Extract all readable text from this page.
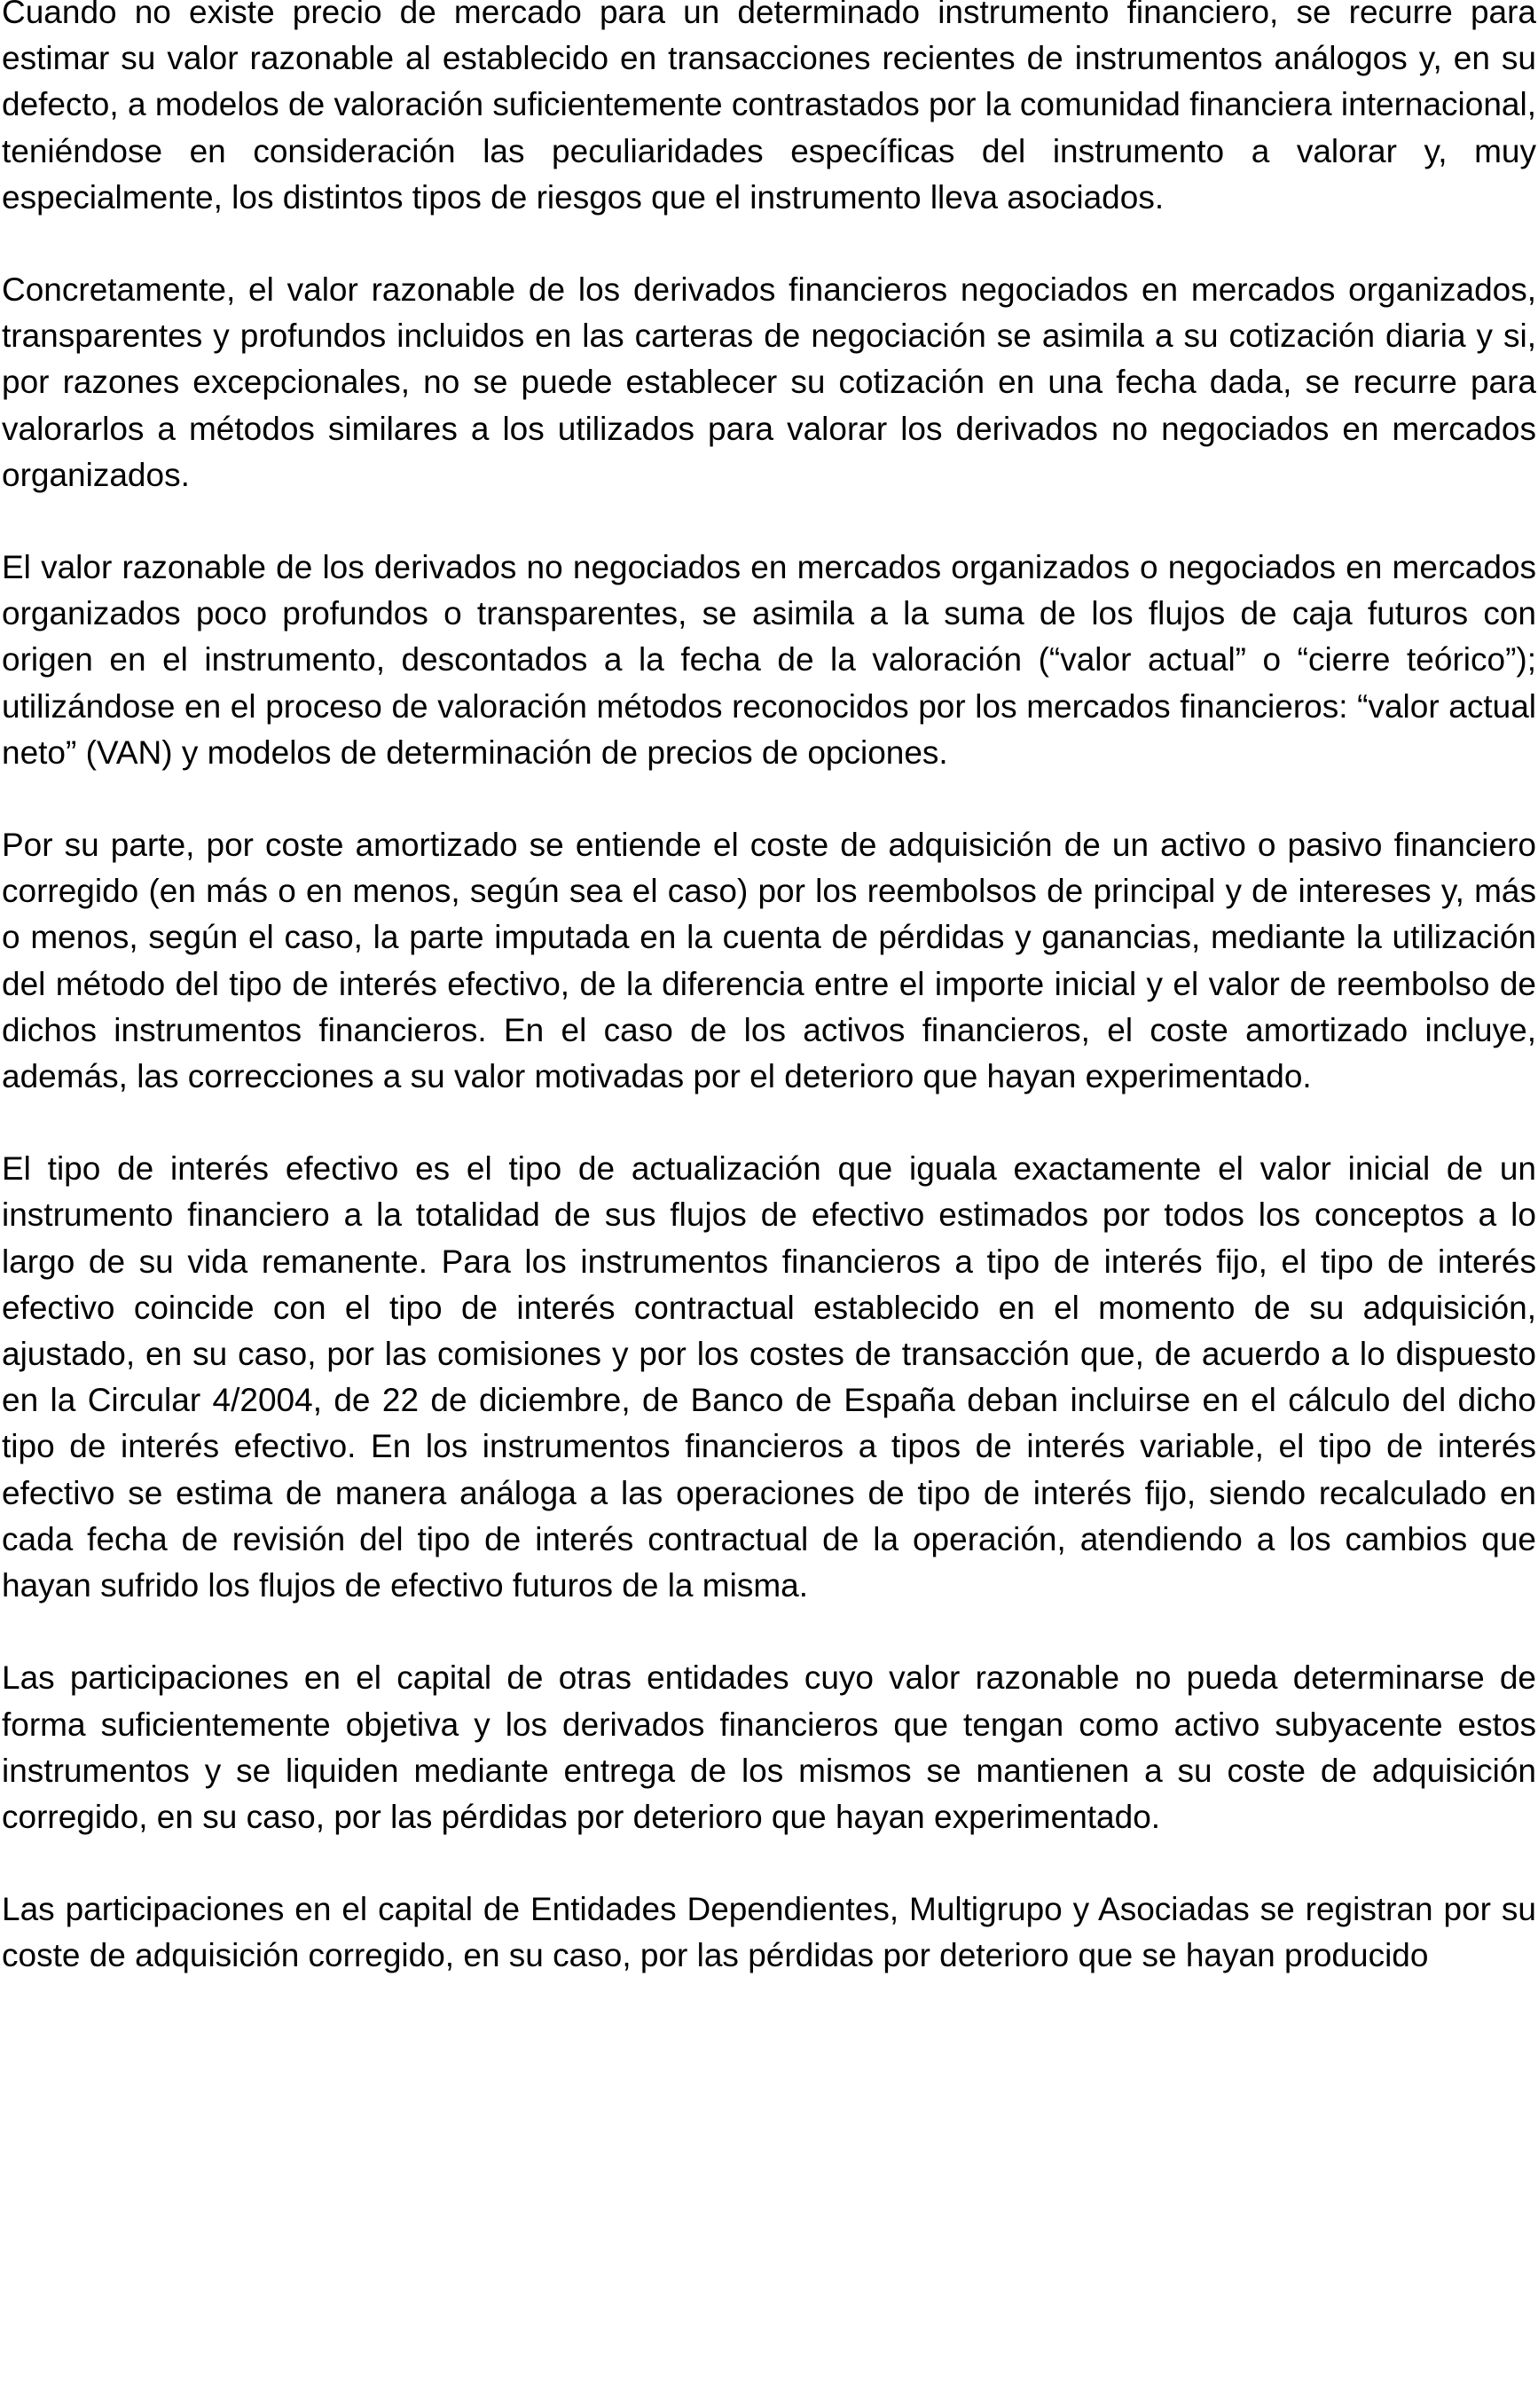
Cuando no existe precio de mercado para un determinado instrumento financiero, se recurre para estimar su valor razonable al establecido en transacciones recientes de instrumentos análogos y, en su defecto, a modelos de valoración suficientemente contrastados por la comunidad financiera internacional, teniéndose en consideración las peculiaridades específicas del instrumento a valorar y, muy especialmente, los distintos tipos de riesgos que el instrumento lleva asociados.

Concretamente, el valor razonable de los derivados financieros negociados en mercados organizados, transparentes y profundos incluidos en las carteras de negociación se asimila a su cotización diaria y si, por razones excepcionales, no se puede establecer su cotización en una fecha dada, se recurre para valorarlos a métodos similares a los utilizados para valorar los derivados no negociados en mercados organizados.

El valor razonable de los derivados no negociados en mercados organizados o negociados en mercados organizados poco profundos o transparentes, se asimila a la suma de los flujos de caja futuros con origen en el instrumento, descontados a la fecha de la valoración (“valor actual” o “cierre teórico”); utilizándose en el proceso de valoración métodos reconocidos por los mercados financieros: “valor actual neto” (VAN) y modelos de determinación de precios de opciones.

Por su parte, por coste amortizado se entiende el coste de adquisición de un activo o pasivo financiero corregido (en más o en menos, según sea el caso) por los reembolsos de principal y de intereses y, más o menos, según el caso, la parte imputada en la cuenta de pérdidas y ganancias, mediante la utilización del método del tipo de interés efectivo, de la diferencia entre el importe inicial y el valor de reembolso de dichos instrumentos financieros. En el caso de los activos financieros, el coste amortizado incluye, además, las correcciones a su valor motivadas por el deterioro que hayan experimentado.

El tipo de interés efectivo es el tipo de actualización que iguala exactamente el valor inicial de un instrumento financiero a la totalidad de sus flujos de efectivo estimados por todos los conceptos a lo largo de su vida remanente. Para los instrumentos financieros a tipo de interés fijo, el tipo de interés efectivo coincide con el tipo de interés contractual establecido en el momento de su adquisición, ajustado, en su caso, por las comisiones y por los costes de transacción que, de acuerdo a lo dispuesto en la Circular 4/2004, de 22 de diciembre, de Banco de España deban incluirse en el cálculo del dicho tipo de interés efectivo. En los instrumentos financieros a tipos de interés variable, el tipo de interés efectivo se estima de manera análoga a las operaciones de tipo de interés fijo, siendo recalculado en cada fecha de revisión del tipo de interés contractual de la operación, atendiendo a los cambios que hayan sufrido los flujos de efectivo futuros de la misma.

Las participaciones en el capital de otras entidades cuyo valor razonable no pueda determinarse de forma suficientemente objetiva y los derivados financieros que tengan como activo subyacente estos instrumentos y se liquiden mediante entrega de los mismos se mantienen a su coste de adquisición corregido, en su caso, por las pérdidas por deterioro que hayan experimentado.

Las participaciones en el capital de Entidades Dependientes, Multigrupo y Asociadas se registran por su coste de adquisición corregido, en su caso, por las pérdidas por deterioro que se hayan producido
